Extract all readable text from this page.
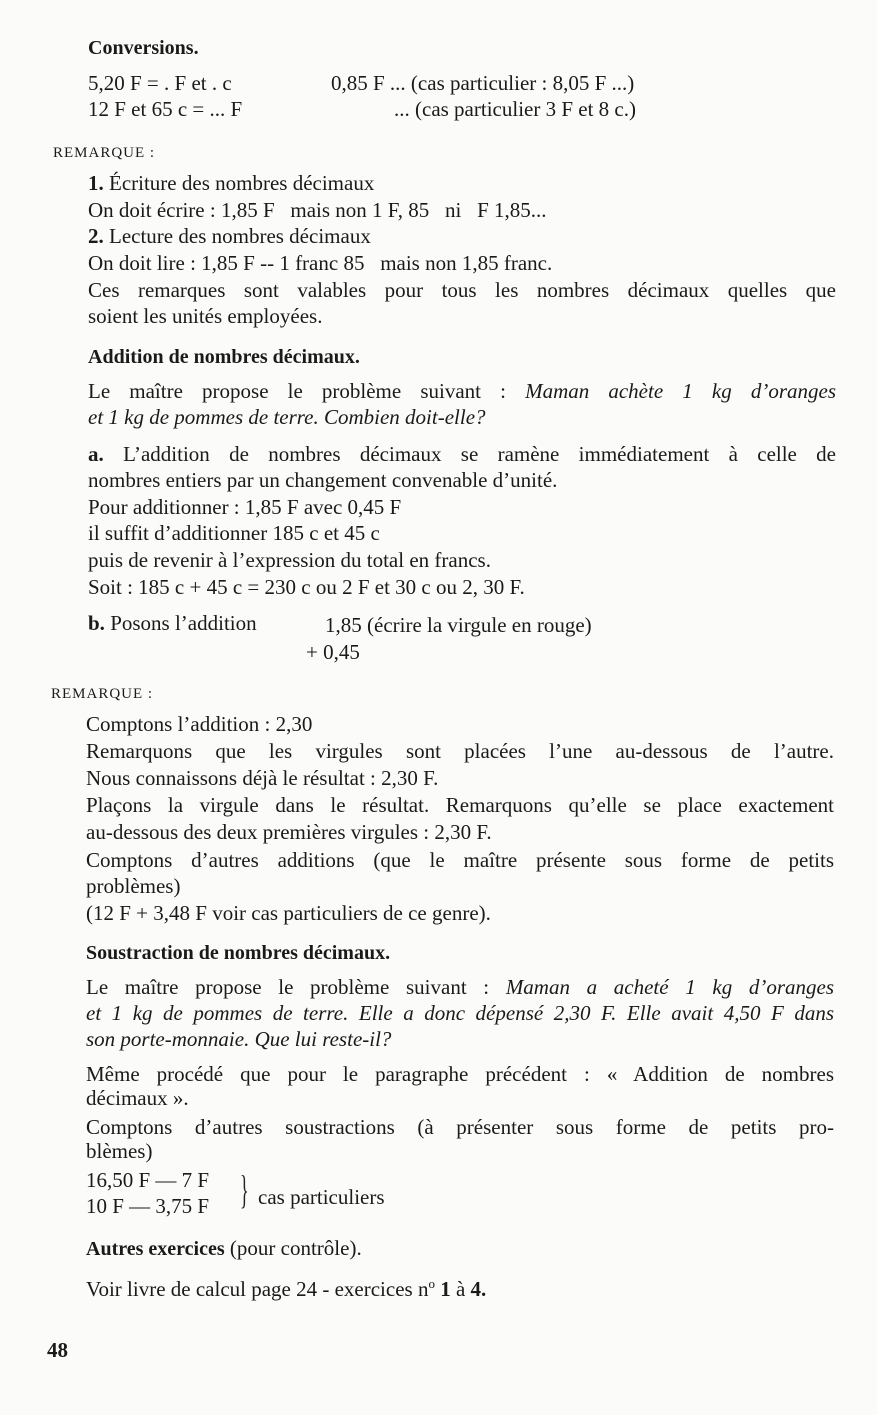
Conversions.
5,20 F = . F et . c	0,85 F ... (cas particulier : 8,05 F ...)
12 F et 65 c = ... F	... (cas particulier 3 F et 8 c.)
REMARQUE :
1. Écriture des nombres décimaux
On doit écrire : 1,85 F   mais non 1 F, 85   ni   F 1,85...
2. Lecture des nombres décimaux
On doit lire : 1,85 F -- 1 franc 85   mais non 1,85 franc.
Ces remarques sont valables pour tous les nombres décimaux quelles que
soient les unités employées.
Addition de nombres décimaux.
Le maître propose le problème suivant : Maman achète 1 kg d’oranges
et 1 kg de pommes de terre. Combien doit-elle?
a. L’addition de nombres décimaux se ramène immédiatement à celle de
nombres entiers par un changement convenable d’unité.
Pour additionner : 1,85 F avec 0,45 F
il suffit d’additionner 185 c et 45 c
puis de revenir à l’expression du total en francs.
Soit : 185 c + 45 c = 230 c ou 2 F et 30 c ou 2, 30 F.
b. Posons l’addition	1,85 (écrire la virgule en rouge)
+ 0,45
REMARQUE :
Comptons l’addition : 2,30
Remarquons que les virgules sont placées l’une au-dessous de l’autre.
Nous connaissons déjà le résultat : 2,30 F.
Plaçons la virgule dans le résultat. Remarquons qu’elle se place exactement
au-dessous des deux premières virgules : 2,30 F.
Comptons d’autres additions (que le maître présente sous forme de petits
problèmes)
(12 F + 3,48 F voir cas particuliers de ce genre).
Soustraction de nombres décimaux.
Le maître propose le problème suivant : Maman a acheté 1 kg d’oranges
et 1 kg de pommes de terre. Elle a donc dépensé 2,30 F. Elle avait 4,50 F dans
son porte-monnaie. Que lui reste-il?
Même procédé que pour le paragraphe précédent : « Addition de nombres
décimaux ».
Comptons d’autres soustractions (à présenter sous forme de petits pro-
blèmes)
16,50 F — 7 F
10 F — 3,75 F } cas particuliers
Autres exercices (pour contrôle).
Voir livre de calcul page 24 - exercices $n^o$ 1 à 4.
48
